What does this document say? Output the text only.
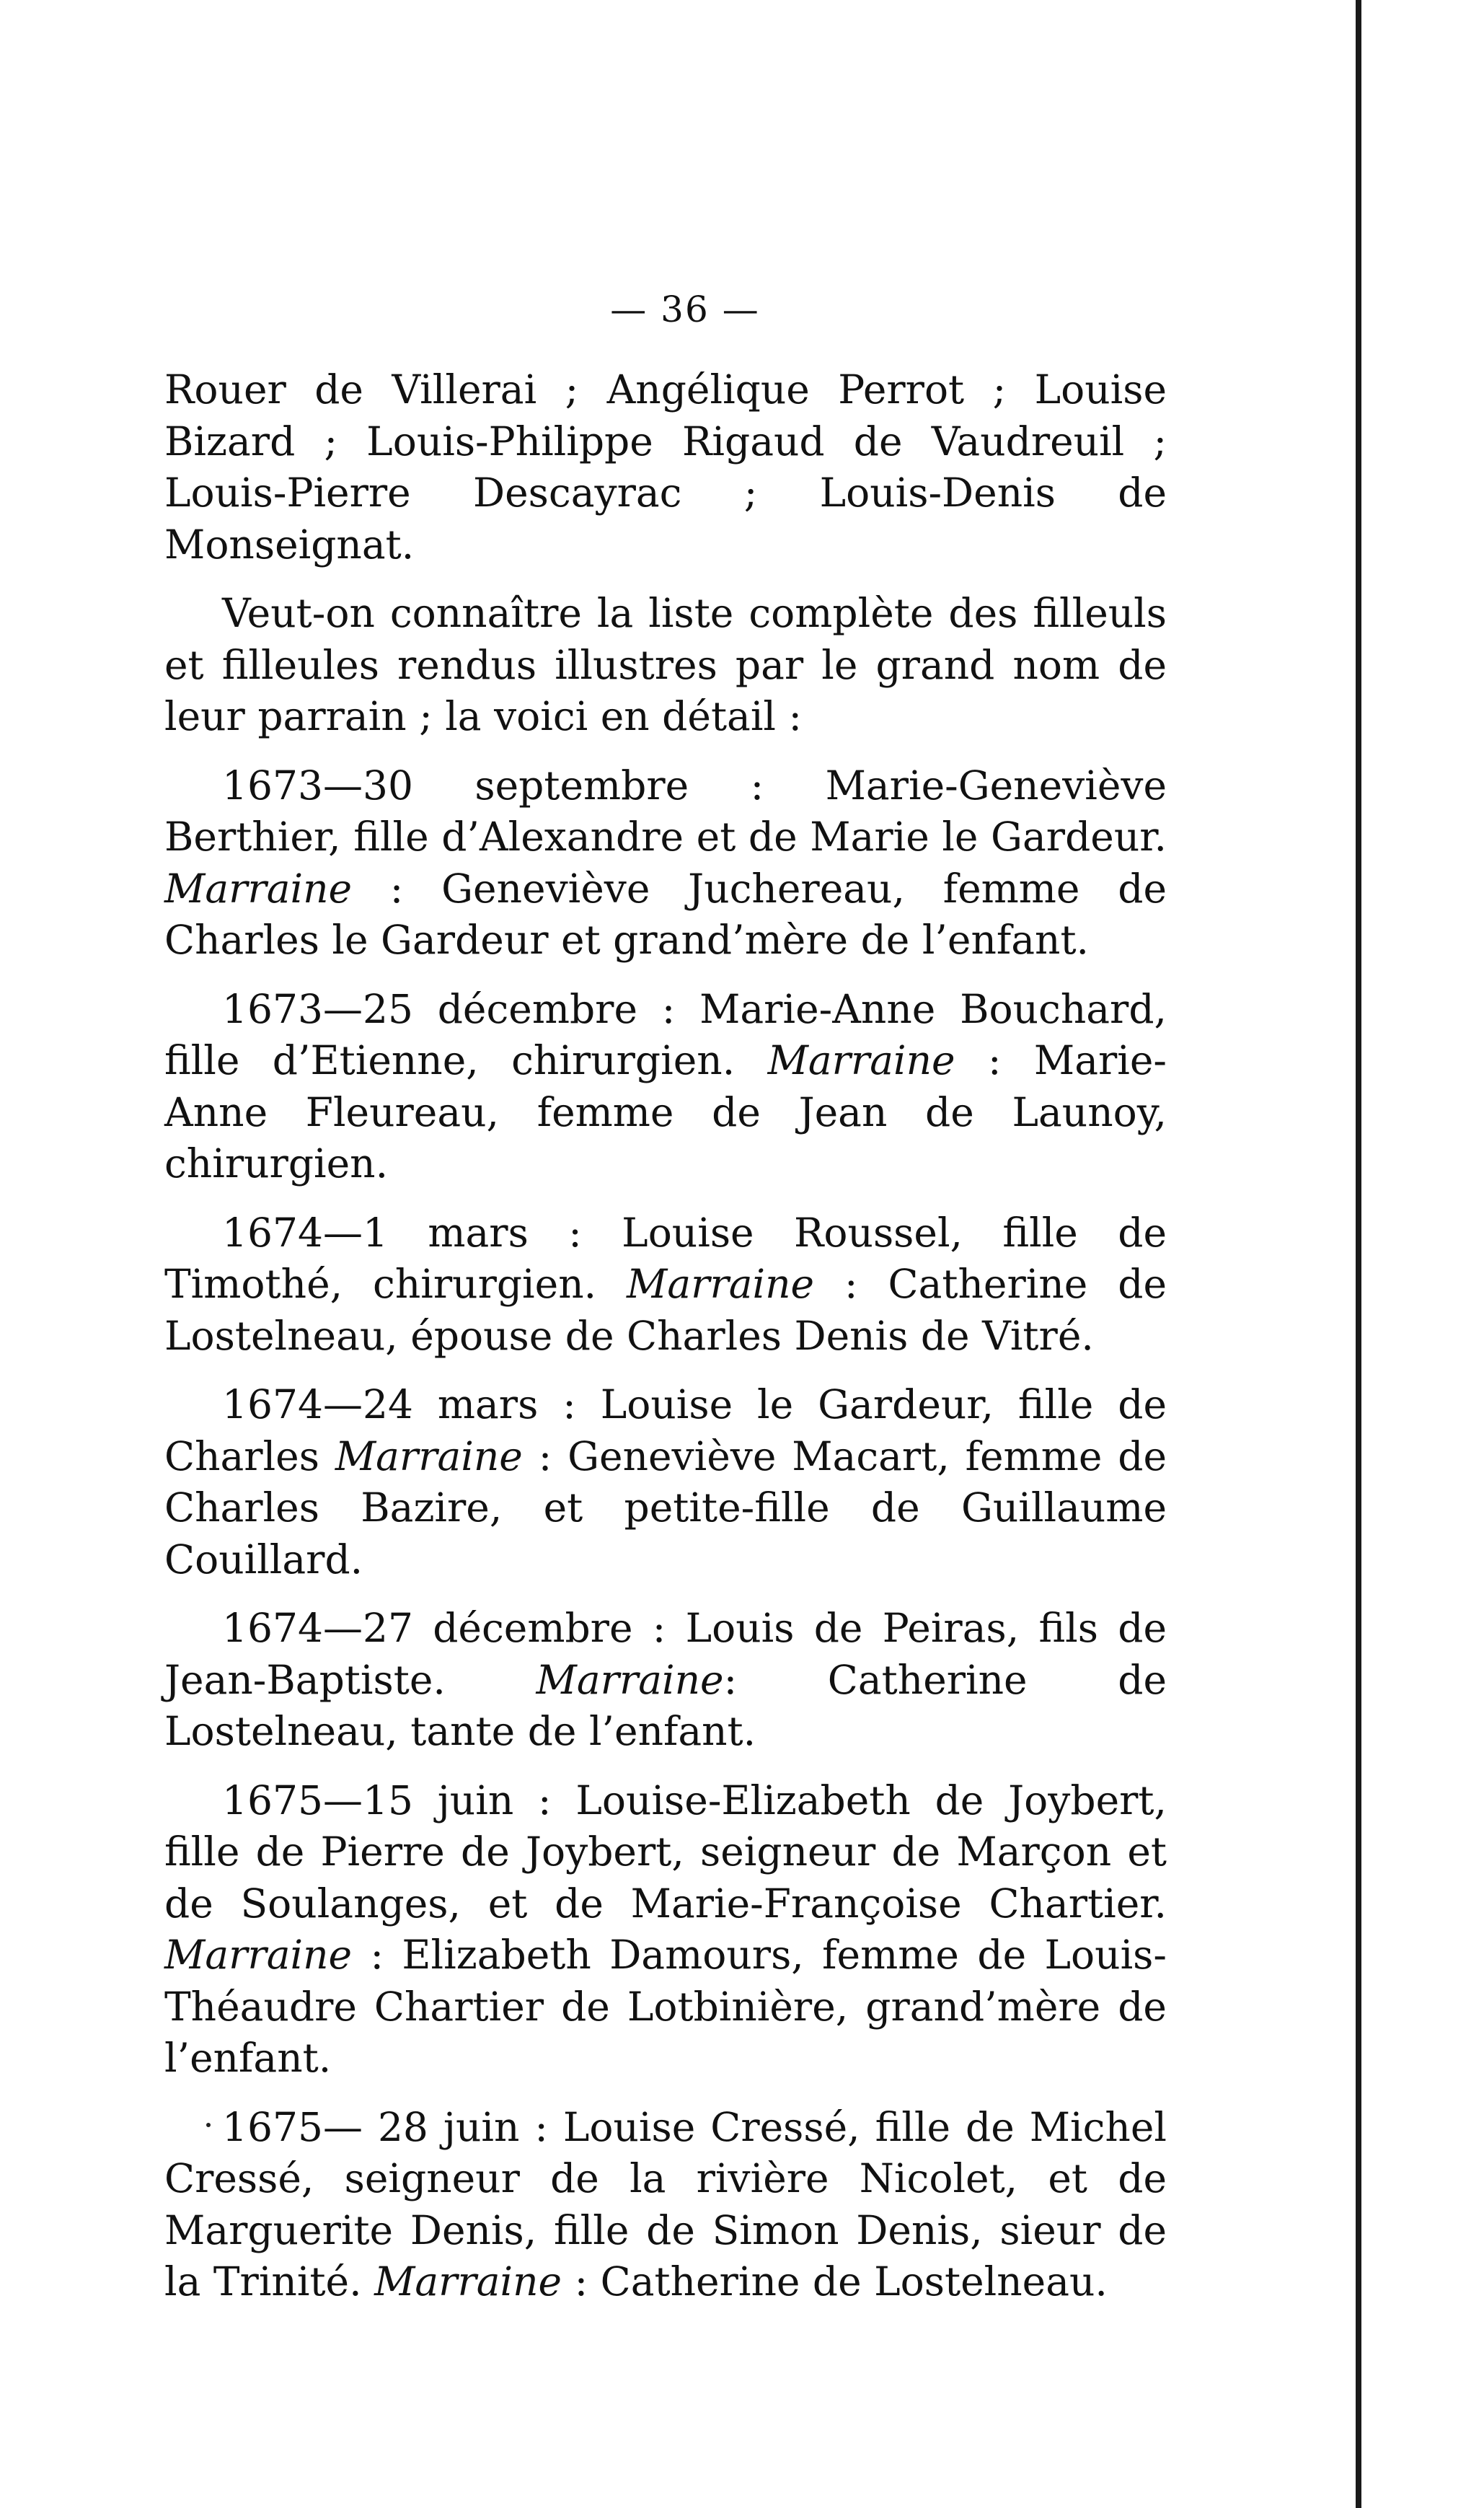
— 36 —

Rouer de Villerai ; Angélique Perrot ; Louise Bizard ; Louis-Philippe Rigaud de Vaudreuil ; Louis-Pierre Descayrac ; Louis-Denis de Monseignat.

Veut-on connaître la liste complète des filleuls et filleules rendus illustres par le grand nom de leur parrain ; la voici en détail :

1673—30 septembre : Marie-Geneviève Berthier, fille d’Alexandre et de Marie le Gardeur. Marraine : Geneviève Juchereau, femme de Charles le Gardeur et grand’mère de l’enfant.

1673—25 décembre : Marie-Anne Bouchard, fille d’Etienne, chirurgien. Marraine : Marie-Anne Fleureau, femme de Jean de Launoy, chirurgien.

1674—1 mars : Louise Roussel, fille de Timothé, chirurgien. Marraine : Catherine de Lostelneau, épouse de Charles Denis de Vitré.

1674—24 mars : Louise le Gardeur, fille de Charles Marraine : Geneviève Macart, femme de Charles Bazire, et petite-fille de Guillaume Couillard.

1674—27 décembre : Louis de Peiras, fils de Jean-Baptiste. Marraine: Catherine de Lostelneau, tante de l’enfant.

1675—15 juin : Louise-Elizabeth de Joybert, fille de Pierre de Joybert, seigneur de Marçon et de Soulanges, et de Marie-Françoise Chartier. Marraine : Elizabeth Damours, femme de Louis-Théaudre Chartier de Lotbinière, grand’mère de l’enfant.

1675— 28 juin : Louise Cressé, fille de Michel Cressé, seigneur de la rivière Nicolet, et de Marguerite Denis, fille de Simon Denis, sieur de la Trinité. Marraine : Catherine de Lostelneau.
